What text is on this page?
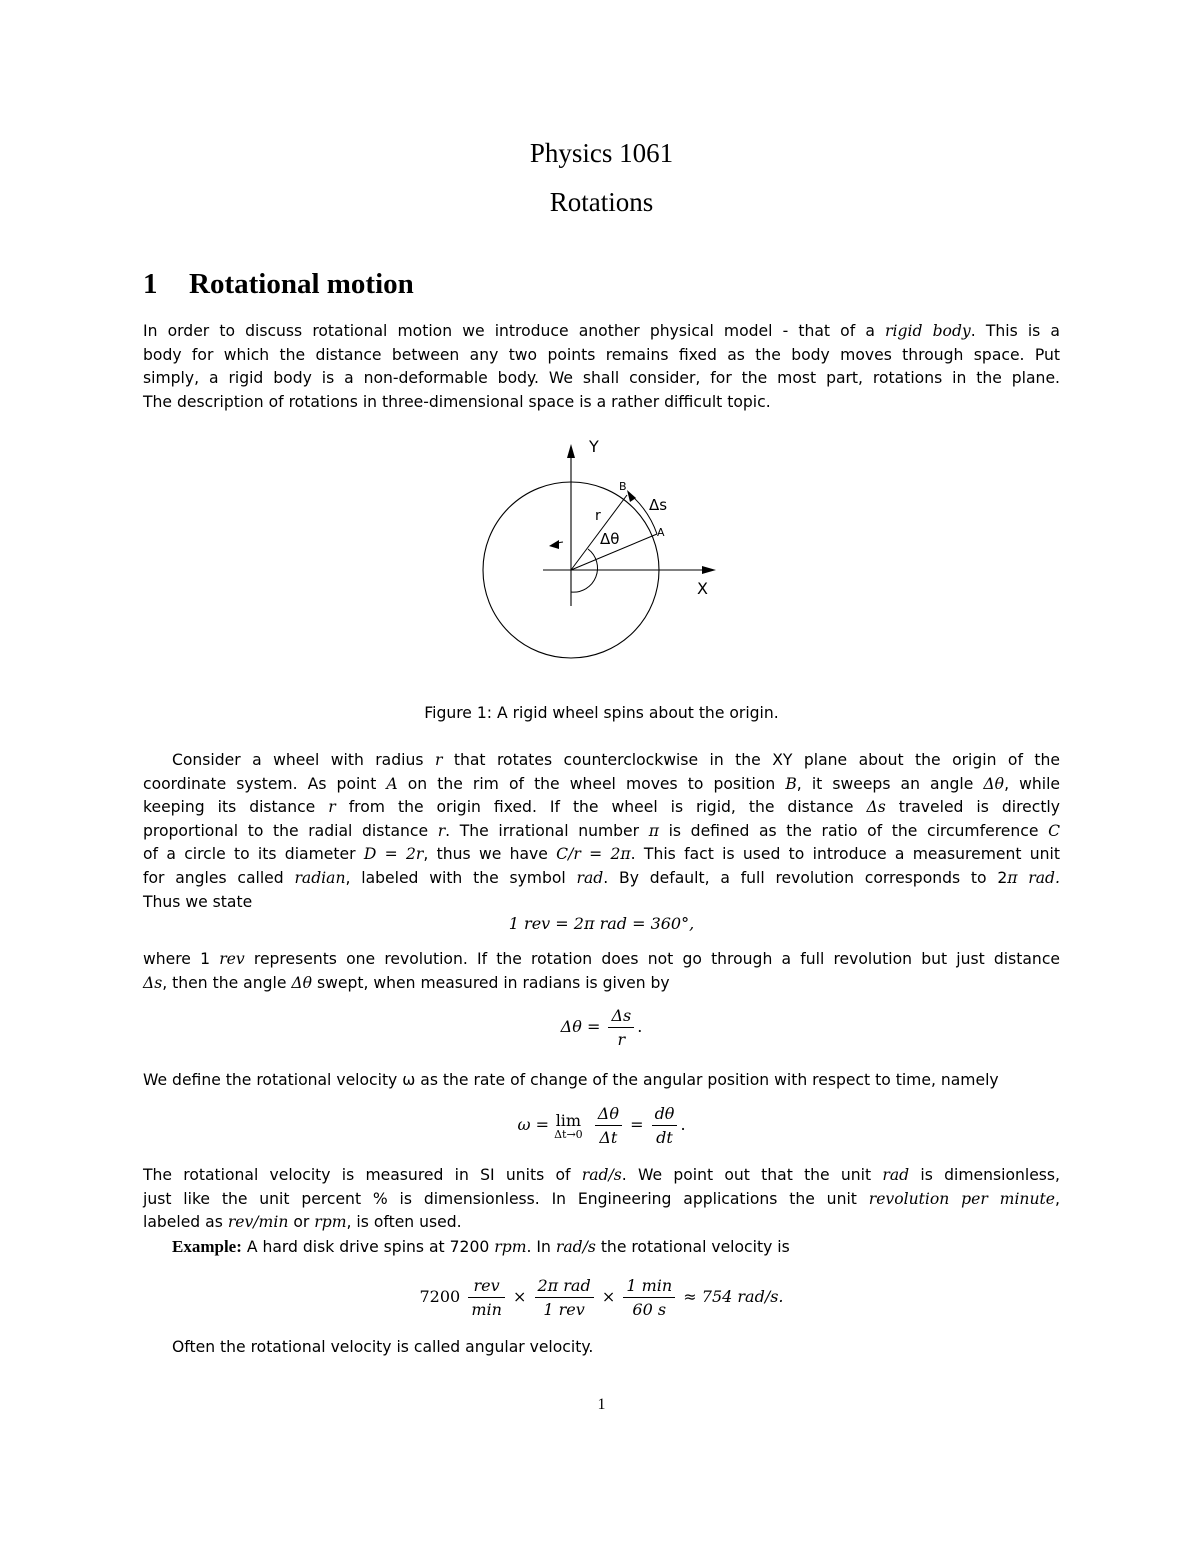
Physics 1061
Rotations
1 Rotational motion
In order to discuss rotational motion we introduce another physical model - that of a rigid body. This is a
body for which the distance between any two points remains fixed as the body moves through space. Put
simply, a rigid body is a non-deformable body. We shall consider, for the most part, rotations in the plane.
The description of rotations in three-dimensional space is a rather difficult topic.
Y
X
r
B
A
Δs
Δθ
Figure 1: A rigid wheel spins about the origin.
Consider a wheel with radius r that rotates counterclockwise in the XY plane about the origin of the
coordinate system. As point A on the rim of the wheel moves to position B, it sweeps an angle Δθ, while
keeping its distance r from the origin fixed. If the wheel is rigid, the distance Δs traveled is directly
proportional to the radial distance r. The irrational number π is defined as the ratio of the circumference C
of a circle to its diameter D = 2r, thus we have C/r = 2π. This fact is used to introduce a measurement unit
for angles called radian, labeled with the symbol rad. By default, a full revolution corresponds to 2π rad.
Thus we state
1 rev = 2π rad = 360°,
where 1 rev represents one revolution. If the rotation does not go through a full revolution but just distance
Δs, then the angle Δθ swept, when measured in radians is given by
$\Delta\theta = \frac{\Delta s}{r}$ .
We define the rotational velocity ω as the rate of change of the angular position with respect to time, namely
ω = lim
Δt→0
$\frac{\Delta\theta}{\Delta t} = \frac{d\theta}{dt}$ .
The rotational velocity is measured in SI units of rad/s. We point out that the unit rad is dimensionless,
just like the unit percent % is dimensionless. In Engineering applications the unit revolution per minute,
labeled as rev/min or rpm, is often used.
Example: A hard disk drive spins at 7200 rpm. In rad/s the rotational velocity is
$7200 \frac{\text{rev}}{\min} \times \frac{\text{2π rad}}{\text{1 rev}} \times \frac{1 \min}{60 s} \approx 754$ rad/s.
Often the rotational velocity is called angular velocity.
1
